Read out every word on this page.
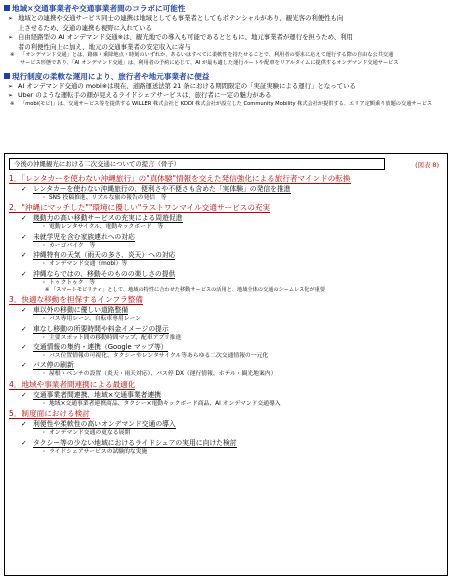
地域×交通事業者や交通事業者間のコラボに可能性
➢ 地域との連携や交通サービス同士の連携は地域としても事業者としてもポテンシャルがあり、観光客の利便性も向
上させるため、交通の連携も視野に入れている
➢ 自由経路型の AI オンデマンド交通※は、観光地での導入も可能であるとともに、地元事業者が運行を担うため、利用
者の利便性向上に加え、地元の交通事業者の安定収入に寄与
※ 「オンデマンド交通」とは、路線・乗降地点・時刻のいずれか、あるいはすべてに柔軟性を持たせることで、利用者の要求に応えて運行する際の自由な公共交通
サービス形態であり、「AI オンデマンド交通」は、利用者の予約に応じて、AI が最も適した運行ルートや配車をリアルタイムに提供するオンデマンド交通サービス
現行制度の柔軟な運用により、旅行者や地元事業者に便益
➢ AI オンデマンド交通の mobi※は現在、道路運送法第 21 条における期間限定の「実証実験による運行」となっている
➢ Uber のような運転手の顔が見えるライドシェアサービスは、旅行者に一定の魅力がある
※ 「mobi(モビ)」は、交通サービス等を提供する WILLER 株式会社と KDDI 株式会社が設立した Community Mobility 株式会社が提供する、エリア定額乗り放題の交通サービス
今後の沖縄観光における二次交通についての提言（骨子）	(図表 8)
1．「レンタカーを使わない沖縄旅行」の"真体験"情報を交えた発信強化による旅行者マインドの転換
✓ レンタカーを使わない沖縄旅行の、便利さや不便さも含めた「実体験」の発信を推進
・ SNS 投稿推進、リアルな旅の報告の発信　等
2．"沖縄にマッチした""環境に優しい"ラストワンマイル交通サービスの充実
✓ 幾動力の高い移動サービスの充実による周遊促進
・ 電動レンタサイクル、電動キックボード　等
✓ 未就学児を含む家族連れへの対応
・ カーゴバイク　等
✓ 沖縄特有の天気（雨天の多さ、炎天）への対応
・ オンデマンド交通（mobi）等
✓ 沖縄ならではの、移動そのものの楽しさの提供
・ トゥクトゥク　等
※ 「スマートモビリティ」として、地域の特性に合わせた移動サービスの活用と、地域全体の交通のシームレス化が重要
3．快適な移動を担保するインフラ整備
✓ 車以外の移動に優しい道路整備
・ バス専用レーン、自転車専用レーン
✓ 車なし移動の所要時間や料金イメージの提示
・ 主要スポット間の移動時間マップ、配車アプリ推進
✓ 交通情報の集約・連携（Google マップ等）
・ バス位置情報の可視化、タクシーやレンタサイクル等あらゆる二次交通情報の一元化
✓ バス停の刷新
・ 屋根・ベンチの設置（炎天・雨天対応）、バス停 DX（運行情報、ホテル・観光地案内）
4．地域や事業者間連携による最適化
✓ 交通事業者間連携、地域×交通事業者連携
・ 地域×交通事業者連携商品、タクシー×電動キックボード商品、AI オンデマンド交通導入
5．制度面における検討
✓ 利便性や柔軟性の高いオンデマンド交通の導入
・ オンデマンド交通の更なる展開
✓ タクシー等の少ない地域におけるライドシェアの実用に向けた検討
・ ライドシェアサービスの試験的な実施
